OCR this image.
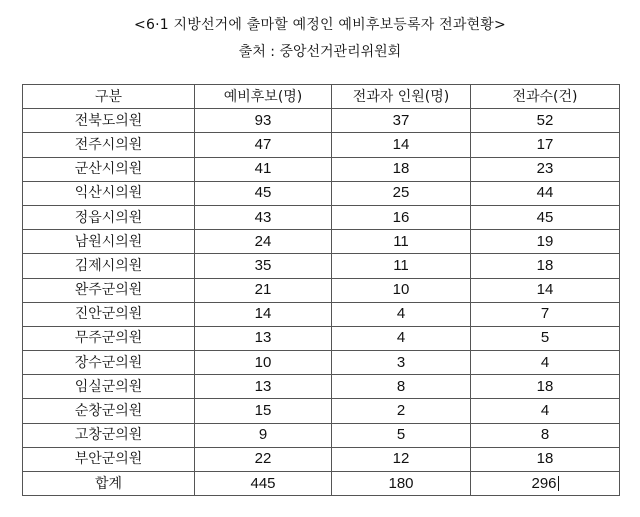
<6·1 지방선거에 출마할 예정인 예비후보등록자 전과현황>
출처 : 중앙선거관리위원회
구분	예비후보(명)	전과자 인원(명)	전과수(건)
전북도의원	93	37	52
전주시의원	47	14	17
군산시의원	41	18	23
익산시의원	45	25	44
정읍시의원	43	16	45
남원시의원	24	11	19
김제시의원	35	11	18
완주군의원	21	10	14
진안군의원	14	4	7
무주군의원	13	4	5
장수군의원	10	3	4
임실군의원	13	8	18
순창군의원	15	2	4
고창군의원	9	5	8
부안군의원	22	12	18
합계	445	180	296
